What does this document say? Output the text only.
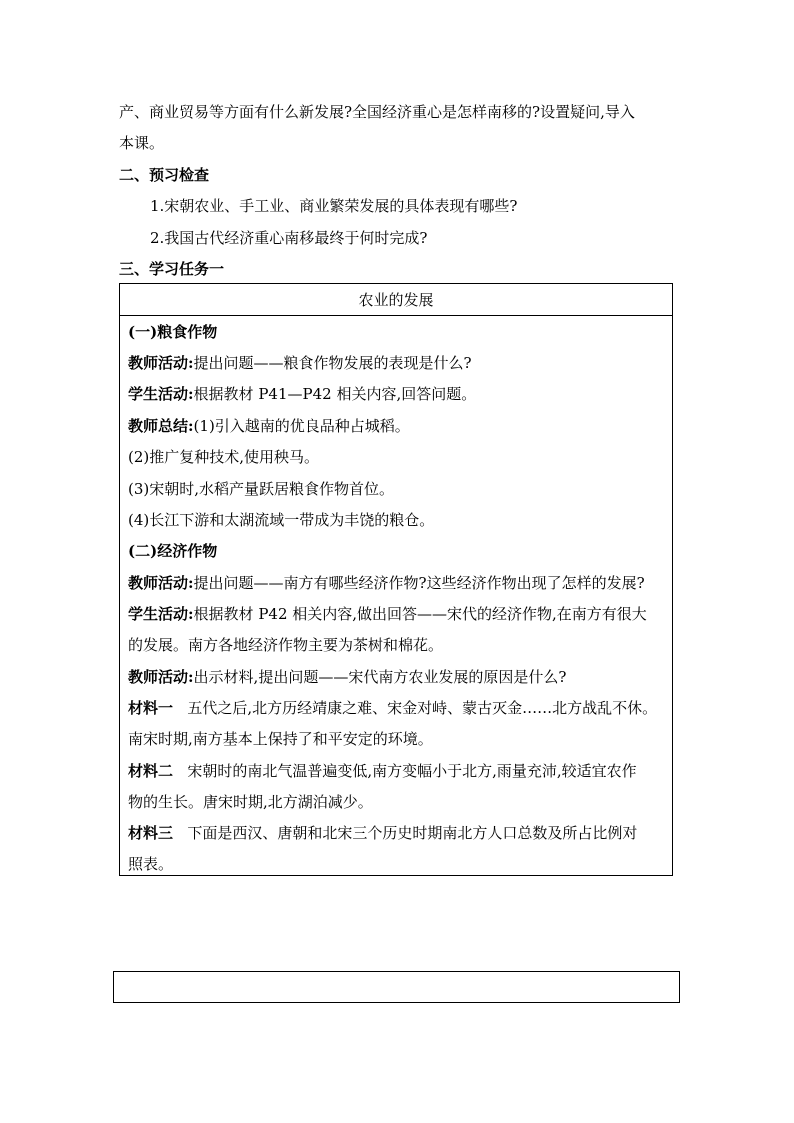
产、商业贸易等方面有什么新发展?全国经济重心是怎样南移的?设置疑问,导入
本课。
二、预习检查
1.宋朝农业、手工业、商业繁荣发展的具体表现有哪些?
2.我国古代经济重心南移最终于何时完成?
三、学习任务一
农业的发展
(一)粮食作物
教师活动:提出问题——粮食作物发展的表现是什么?
学生活动:根据教材 P41—P42 相关内容,回答问题。
教师总结:(1)引入越南的优良品种占城稻。
(2)推广复种技术,使用秧马。
(3)宋朝时,水稻产量跃居粮食作物首位。
(4)长江下游和太湖流域一带成为丰饶的粮仓。
(二)经济作物
教师活动:提出问题——南方有哪些经济作物?这些经济作物出现了怎样的发展?
学生活动:根据教材 P42 相关内容,做出回答——宋代的经济作物,在南方有很大
的发展。南方各地经济作物主要为茶树和棉花。
教师活动:出示材料,提出问题——宋代南方农业发展的原因是什么?
材料一 五代之后,北方历经靖康之难、宋金对峙、蒙古灭金……北方战乱不休。
南宋时期,南方基本上保持了和平安定的环境。
材料二 宋朝时的南北气温普遍变低,南方变幅小于北方,雨量充沛,较适宜农作
物的生长。唐宋时期,北方湖泊减少。
材料三 下面是西汉、唐朝和北宋三个历史时期南北方人口总数及所占比例对
照表。
